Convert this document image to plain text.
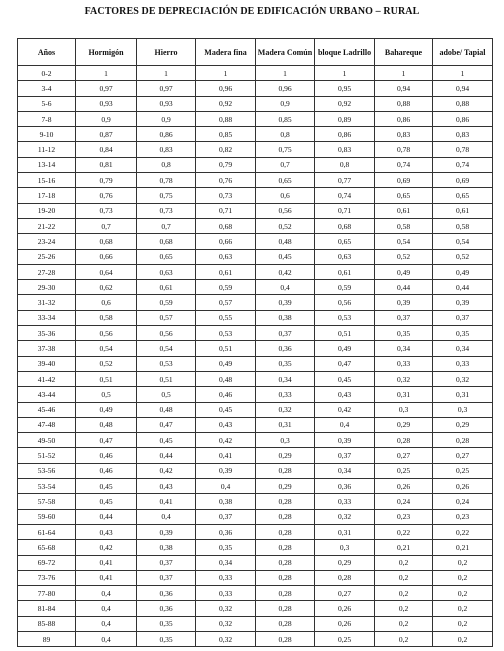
FACTORES DE DEPRECIACIÓN DE EDIFICACIÓN URBANO – RURAL
Años	Hormigón	Hierro	Madera fina	Madera Común	bloque Ladrillo	Bahareque	adobe/ Tapial
0-2	1	1	1	1	1	1	1
3-4	0,97	0,97	0,96	0,96	0,95	0,94	0,94
5-6	0,93	0,93	0,92	0,9	0,92	0,88	0,88
7-8	0,9	0,9	0,88	0,85	0,89	0,86	0,86
9-10	0,87	0,86	0,85	0,8	0,86	0,83	0,83
11-12	0,84	0,83	0,82	0,75	0,83	0,78	0,78
13-14	0,81	0,8	0,79	0,7	0,8	0,74	0,74
15-16	0,79	0,78	0,76	0,65	0,77	0,69	0,69
17-18	0,76	0,75	0,73	0,6	0,74	0,65	0,65
19-20	0,73	0,73	0,71	0,56	0,71	0,61	0,61
21-22	0,7	0,7	0,68	0,52	0,68	0,58	0,58
23-24	0,68	0,68	0,66	0,48	0,65	0,54	0,54
25-26	0,66	0,65	0,63	0,45	0,63	0,52	0,52
27-28	0,64	0,63	0,61	0,42	0,61	0,49	0,49
29-30	0,62	0,61	0,59	0,4	0,59	0,44	0,44
31-32	0,6	0,59	0,57	0,39	0,56	0,39	0,39
33-34	0,58	0,57	0,55	0,38	0,53	0,37	0,37
35-36	0,56	0,56	0,53	0,37	0,51	0,35	0,35
37-38	0,54	0,54	0,51	0,36	0,49	0,34	0,34
39-40	0,52	0,53	0,49	0,35	0,47	0,33	0,33
41-42	0,51	0,51	0,48	0,34	0,45	0,32	0,32
43-44	0,5	0,5	0,46	0,33	0,43	0,31	0,31
45-46	0,49	0,48	0,45	0,32	0,42	0,3	0,3
47-48	0,48	0,47	0,43	0,31	0,4	0,29	0,29
49-50	0,47	0,45	0,42	0,3	0,39	0,28	0,28
51-52	0,46	0,44	0,41	0,29	0,37	0,27	0,27
53-56	0,46	0,42	0,39	0,28	0,34	0,25	0,25
53-54	0,45	0,43	0,4	0,29	0,36	0,26	0,26
57-58	0,45	0,41	0,38	0,28	0,33	0,24	0,24
59-60	0,44	0,4	0,37	0,28	0,32	0,23	0,23
61-64	0,43	0,39	0,36	0,28	0,31	0,22	0,22
65-68	0,42	0,38	0,35	0,28	0,3	0,21	0,21
69-72	0,41	0,37	0,34	0,28	0,29	0,2	0,2
73-76	0,41	0,37	0,33	0,28	0,28	0,2	0,2
77-80	0,4	0,36	0,33	0,28	0,27	0,2	0,2
81-84	0,4	0,36	0,32	0,28	0,26	0,2	0,2
85-88	0,4	0,35	0,32	0,28	0,26	0,2	0,2
89	0,4	0,35	0,32	0,28	0,25	0,2	0,2
